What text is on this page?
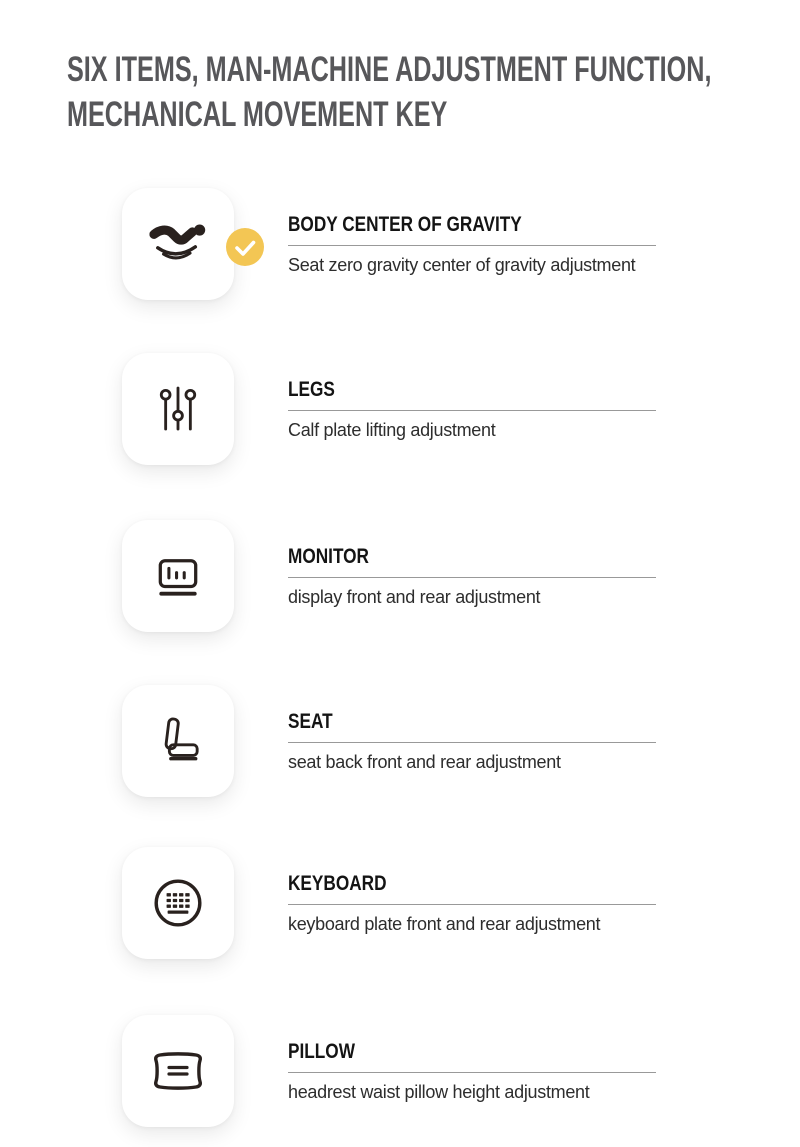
SIX ITEMS, MAN-MACHINE ADJUSTMENT FUNCTION,
MECHANICAL MOVEMENT KEY
BODY CENTER OF GRAVITY
Seat zero gravity center of gravity adjustment
LEGS
Calf plate lifting adjustment
MONITOR
display front and rear adjustment
SEAT
seat back front and rear adjustment
KEYBOARD
keyboard plate front and rear adjustment
PILLOW
headrest waist pillow height adjustment
